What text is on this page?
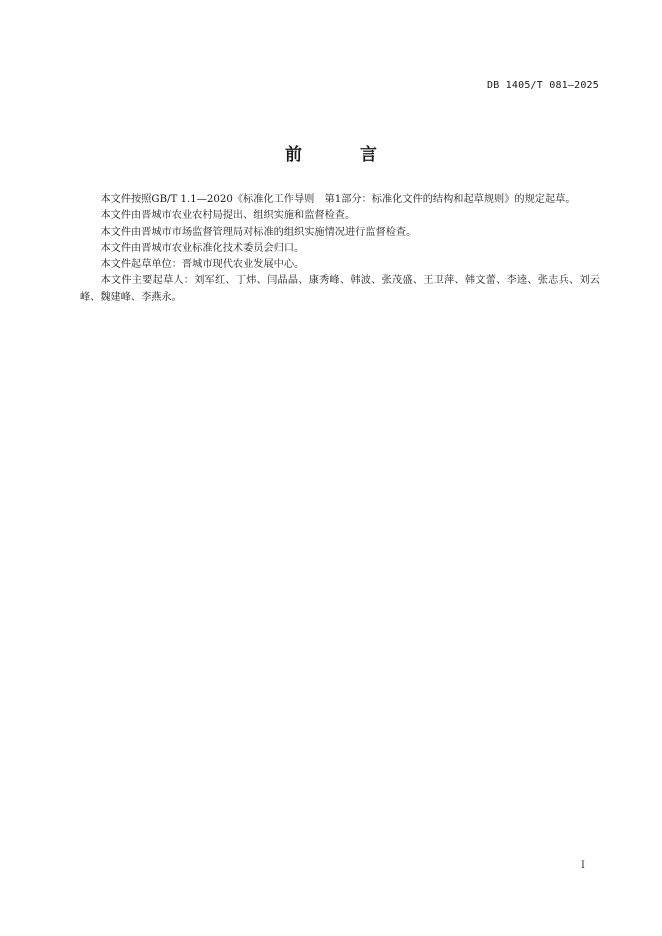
DB 1405/T 081—2025
前 言

本文件按照GB/T 1.1—2020《标准化工作导则　第1部分：标准化文件的结构和起草规则》的规定起草。

本文件由晋城市农业农村局提出、组织实施和监督检查。

本文件由晋城市市场监督管理局对标准的组织实施情况进行监督检查。

本文件由晋城市农业标准化技术委员会归口。

本文件起草单位：晋城市现代农业发展中心。

本文件主要起草人：刘军红、丁炜、闫晶晶、康秀峰、韩波、张茂盛、王卫萍、韩文蕾、李逵、张志兵、刘云峰、魏建峰、李燕永。

I
